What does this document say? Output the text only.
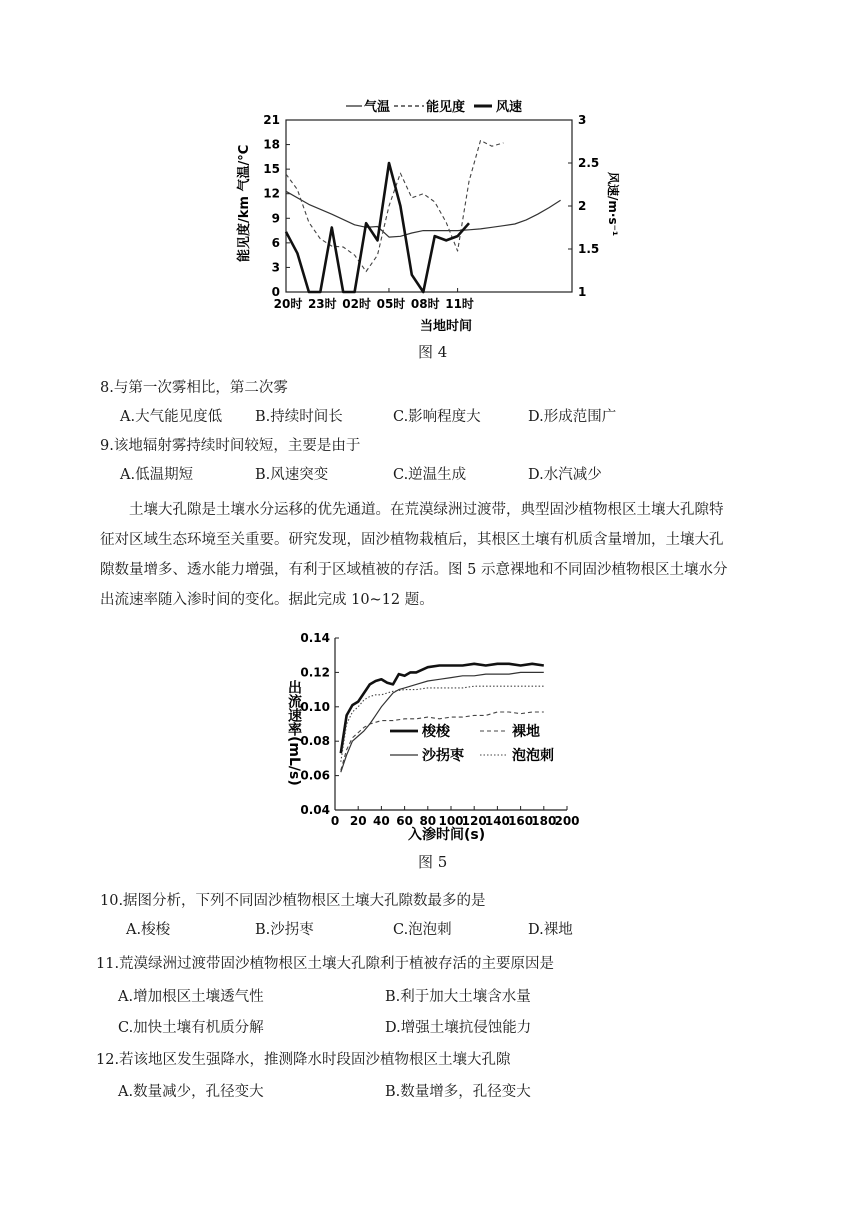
气温	能见度 风速
0
3
6
9
12
15
18
21
1
1.5
2
2.5
3
20时 23时 02时 05时 08时 11时
能见度/km 气温/°C	风速/m·s⁻¹
当地时间
图 4
8.与第一次雾相比，第二次雾
A.大气能见度低 B.持续时间长	C.影响程度大	D.形成范围广
9.该地辐射雾持续时间较短，主要是由于
A.低温期短	B.风速突变	C.逆温生成	D.水汽减少
土壤大孔隙是土壤水分运移的优先通道。在荒漠绿洲过渡带，典型固沙植物根区土壤大孔隙特
征对区域生态环境至关重要。研究发现，固沙植物栽植后，其根区土壤有机质含量增加，土壤大孔
隙数量增多、透水能力增强，有利于区域植被的存活。图 5 示意裸地和不同固沙植物根区土壤水分
出流速率随入渗时间的变化。据此完成 10~12 题。
0.04
0.06
0.08
0.10
0.12
0.14
0 20 40 60 80 100
120
140
160
180
200
梭梭	裸地
沙拐枣	泡泡刺
出流速率(mL/s)
入渗时间(s)
图 5
10.据图分析，下列不同固沙植物根区土壤大孔隙数最多的是
A.梭梭	B.沙拐枣	C.泡泡刺	D.裸地
11.荒漠绿洲过渡带固沙植物根区土壤大孔隙利于植被存活的主要原因是
A.增加根区土壤透气性	B.利于加大土壤含水量
C.加快土壤有机质分解	D.增强土壤抗侵蚀能力
12.若该地区发生强降水，推测降水时段固沙植物根区土壤大孔隙
A.数量减少，孔径变大	B.数量增多，孔径变大
